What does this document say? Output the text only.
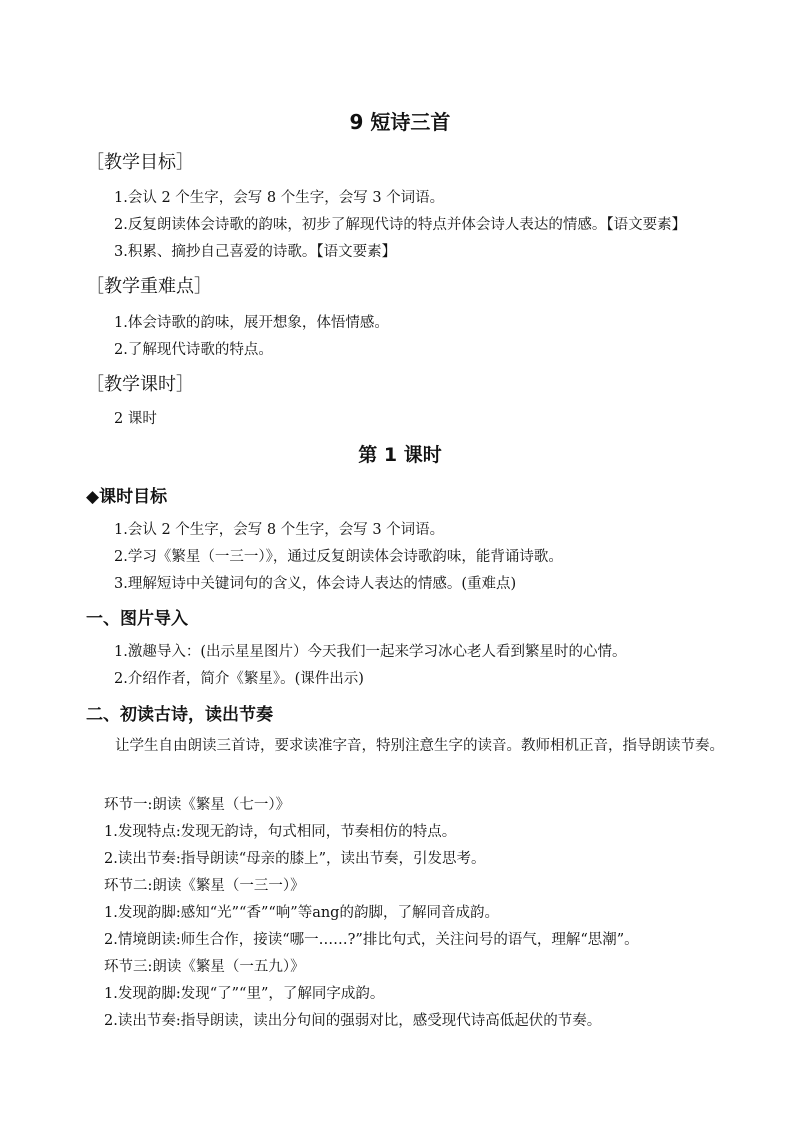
9 短诗三首
［教学目标］
1.会认 2 个生字，会写 8 个生字，会写 3 个词语。
2.反复朗读体会诗歌的韵味，初步了解现代诗的特点并体会诗人表达的情感。【语文要素】
3.积累、摘抄自己喜爱的诗歌。【语文要素】
［教学重难点］
1.体会诗歌的韵味，展开想象，体悟情感。
2.了解现代诗歌的特点。
［教学课时］
2 课时
第 1 课时
◆课时目标
1.会认 2 个生字，会写 8 个生字，会写 3 个词语。
2.学习《繁星（一三一）》，通过反复朗读体会诗歌韵味，能背诵诗歌。
3.理解短诗中关键词句的含义，体会诗人表达的情感。(重难点)
一、图片导入
1.激趣导入：(出示星星图片）今天我们一起来学习冰心老人看到繁星时的心情。
2.介绍作者，简介《繁星》。(课件出示)
二、初读古诗，读出节奏
让学生自由朗读三首诗，要求读准字音，特别注意生字的读音。教师相机正音，指导朗读节奏。
环节一:朗读《繁星（七一）》
1.发现特点:发现无韵诗，句式相同，节奏相仿的特点。
2.读出节奏:指导朗读“母亲的膝上”，读出节奏，引发思考。
环节二:朗读《繁星（一三一）》
1.发现韵脚:感知“光”“香”“响”等ang的韵脚，了解同音成韵。
2.情境朗读:师生合作，接读“哪一……?”排比句式，关注问号的语气，理解“思潮”。
环节三:朗读《繁星（一五九）》
1.发现韵脚:发现“了”“里”，了解同字成韵。
2.读出节奏:指导朗读，读出分句间的强弱对比，感受现代诗高低起伏的节奏。
